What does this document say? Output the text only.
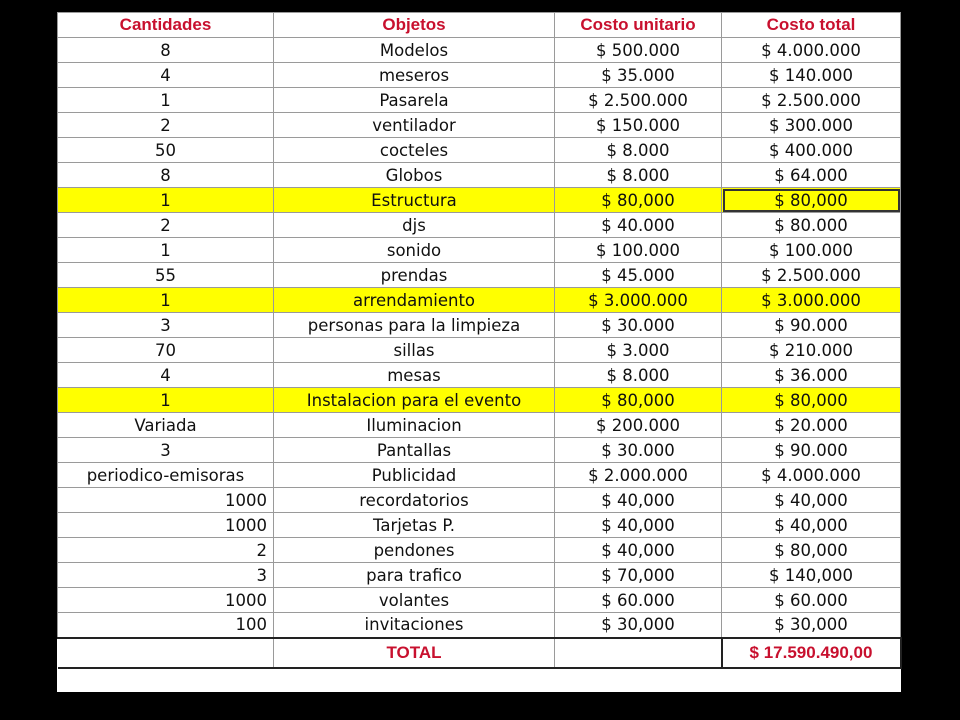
Cantidades	Objetos	Costo unitario	Costo total
8	Modelos	$ 500.000	$ 4.000.000
4	meseros	$ 35.000	$ 140.000
1	Pasarela	$ 2.500.000	$ 2.500.000
2	ventilador	$ 150.000	$ 300.000
50	cocteles	$ 8.000	$ 400.000
8	Globos	$ 8.000	$ 64.000
1	Estructura	$ 80,000	$ 80,000
2	djs	$ 40.000	$ 80.000
1	sonido	$ 100.000	$ 100.000
55	prendas	$ 45.000	$ 2.500.000
1	arrendamiento	$ 3.000.000	$ 3.000.000
3	personas para la limpieza	$ 30.000	$ 90.000
70	sillas	$ 3.000	$ 210.000
4	mesas	$ 8.000	$ 36.000
1	Instalacion para el evento	$ 80,000	$ 80,000
Variada	Iluminacion	$ 200.000	$ 20.000
3	Pantallas	$ 30.000	$ 90.000
periodico-emisoras	Publicidad	$ 2.000.000	$ 4.000.000
1000	recordatorios	$ 40,000	$ 40,000
1000	Tarjetas P.	$ 40,000	$ 40,000
2	pendones	$ 40,000	$ 80,000
3	para trafico	$ 70,000	$ 140,000
1000	volantes	$ 60.000	$ 60.000
100	invitaciones	$ 30,000	$ 30,000
	TOTAL		$ 17.590.490,00
